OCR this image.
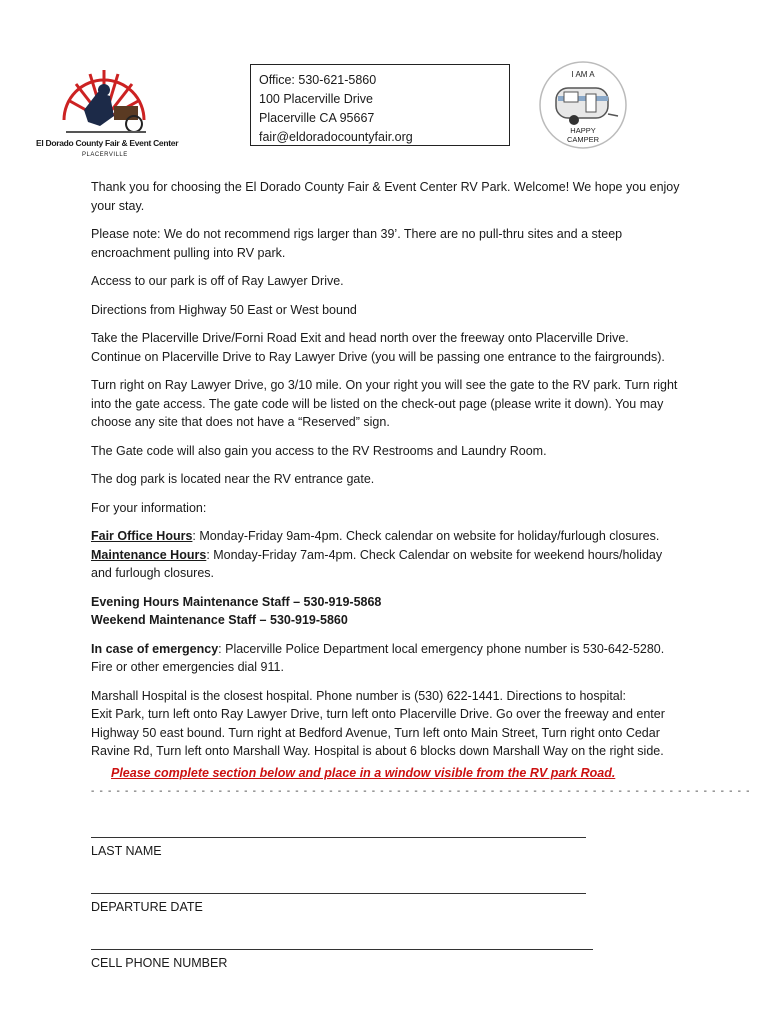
El Dorado County Fair & Event Center
PLACERVILLE
Office: 530-621-5860
100 Placerville Drive
Placerville CA 95667
fair@eldoradocountyfair.org
I AM A
HAPPY
CAMPER

Thank you for choosing the El Dorado County Fair & Event Center RV Park. Welcome! We hope you enjoy your stay.

Please note: We do not recommend rigs larger than 39’. There are no pull-thru sites and a steep encroachment pulling into RV park.

Access to our park is off of Ray Lawyer Drive.

Directions from Highway 50 East or West bound

Take the Placerville Drive/Forni Road Exit and head north over the freeway onto Placerville Drive. Continue on Placerville Drive to Ray Lawyer Drive (you will be passing one entrance to the fairgrounds).

Turn right on Ray Lawyer Drive, go 3/10 mile. On your right you will see the gate to the RV park. Turn right into the gate access. The gate code will be listed on the check-out page (please write it down). You may choose any site that does not have a “Reserved” sign.

The Gate code will also gain you access to the RV Restrooms and Laundry Room.

The dog park is located near the RV entrance gate.

For your information:

Fair Office Hours: Monday-Friday 9am-4pm. Check calendar on website for holiday/furlough closures.
Maintenance Hours: Monday-Friday 7am-4pm. Check Calendar on website for weekend hours/holiday and furlough closures.

Evening Hours Maintenance Staff – 530-919-5868
Weekend Maintenance Staff – 530-919-5860

In case of emergency: Placerville Police Department local emergency phone number is 530-642-5280. Fire or other emergencies dial 911.

Marshall Hospital is the closest hospital. Phone number is (530) 622-1441. Directions to hospital:
Exit Park, turn left onto Ray Lawyer Drive, turn left onto Placerville Drive. Go over the freeway and enter Highway 50 east bound. Turn right at Bedford Avenue, Turn left onto Main Street, Turn right onto Cedar Ravine Rd, Turn left onto Marshall Way. Hospital is about 6 blocks down Marshall Way on the right side.

Please complete section below and place in a window visible from the RV park Road.
- - - - - - - - - - - - - - - - - - - - - - - - - - - - - - - - - - - - - - - - - - - - - - - - - - - - - - - - - - - - - - - - - - - - - - - - - - - - - -
LAST NAME
DEPARTURE DATE
CELL PHONE NUMBER
